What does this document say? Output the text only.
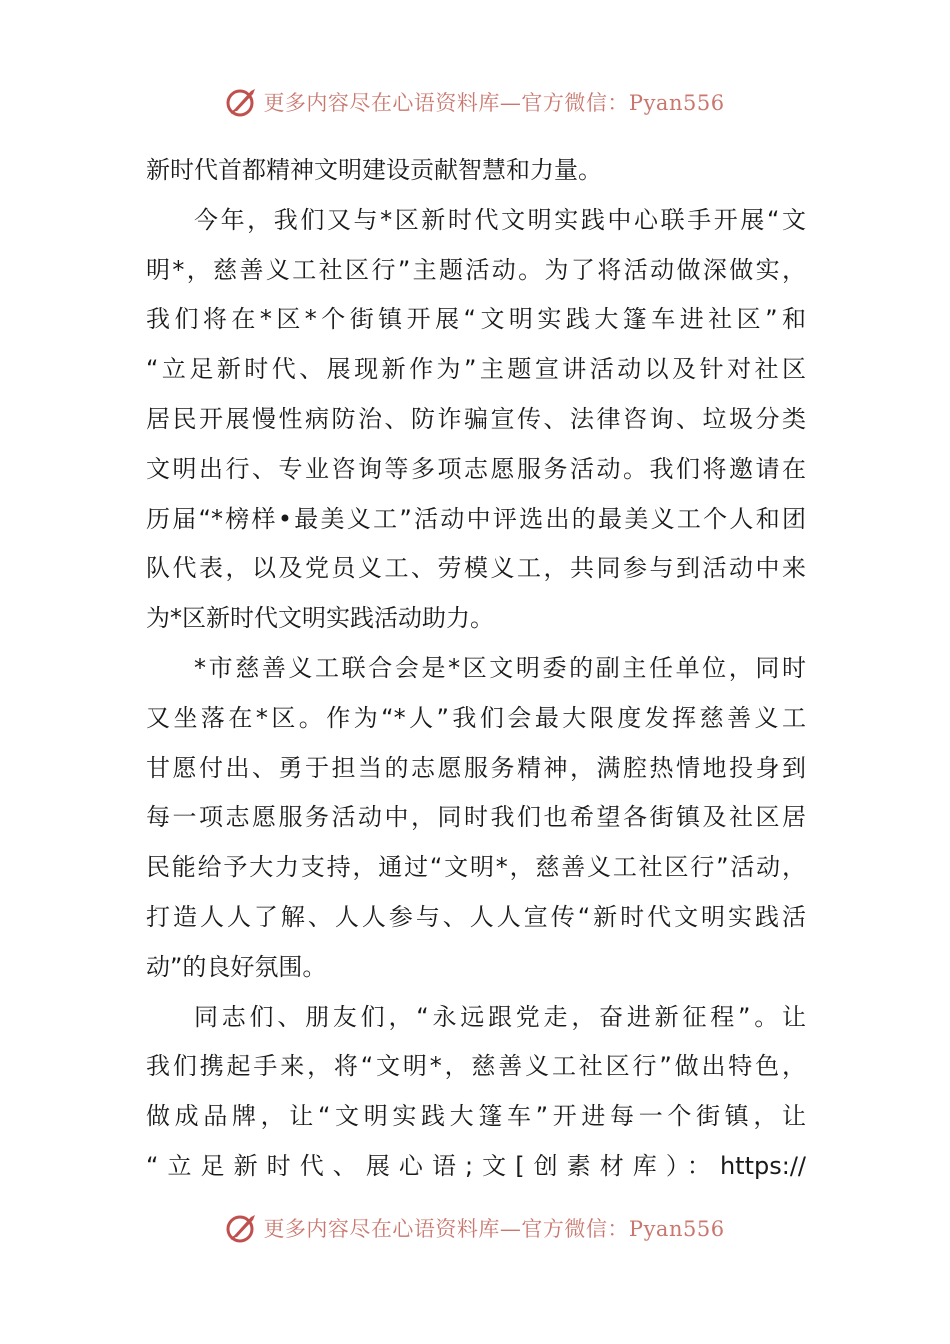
更多内容尽在心语资料库—官方微信：Pyan556
新时代首都精神文明建设贡献智慧和力量。
今年，我们又与*区新时代文明实践中心联手开展“文
明*，慈善义工社区行”主题活动。为了将活动做深做实，
我们将在*区*个街镇开展“文明实践大篷车进社区”和
“立足新时代、展现新作为”主题宣讲活动以及针对社区
居民开展慢性病防治、防诈骗宣传、法律咨询、垃圾分类
文明出行、专业咨询等多项志愿服务活动。我们将邀请在
历届“*榜样•最美义工”活动中评选出的最美义工个人和团
队代表，以及党员义工、劳模义工，共同参与到活动中来
为*区新时代文明实践活动助力。
*市慈善义工联合会是*区文明委的副主任单位，同时
又坐落在*区。作为“*人”我们会最大限度发挥慈善义工
甘愿付出、勇于担当的志愿服务精神，满腔热情地投身到
每一项志愿服务活动中，同时我们也希望各街镇及社区居
民能给予大力支持，通过“文明*，慈善义工社区行”活动，
打造人人了解、人人参与、人人宣传“新时代文明实践活
动”的良好氛围。
同志们、朋友们，“永远跟党走，奋进新征程”。让
我们携起手来，将“文明*，慈善义工社区行”做出特色，
做成品牌，让“文明实践大篷车”开进每一个街镇，让
“立足新时代、展心语;文[创素材库）：https://
更多内容尽在心语资料库—官方微信：Pyan556
